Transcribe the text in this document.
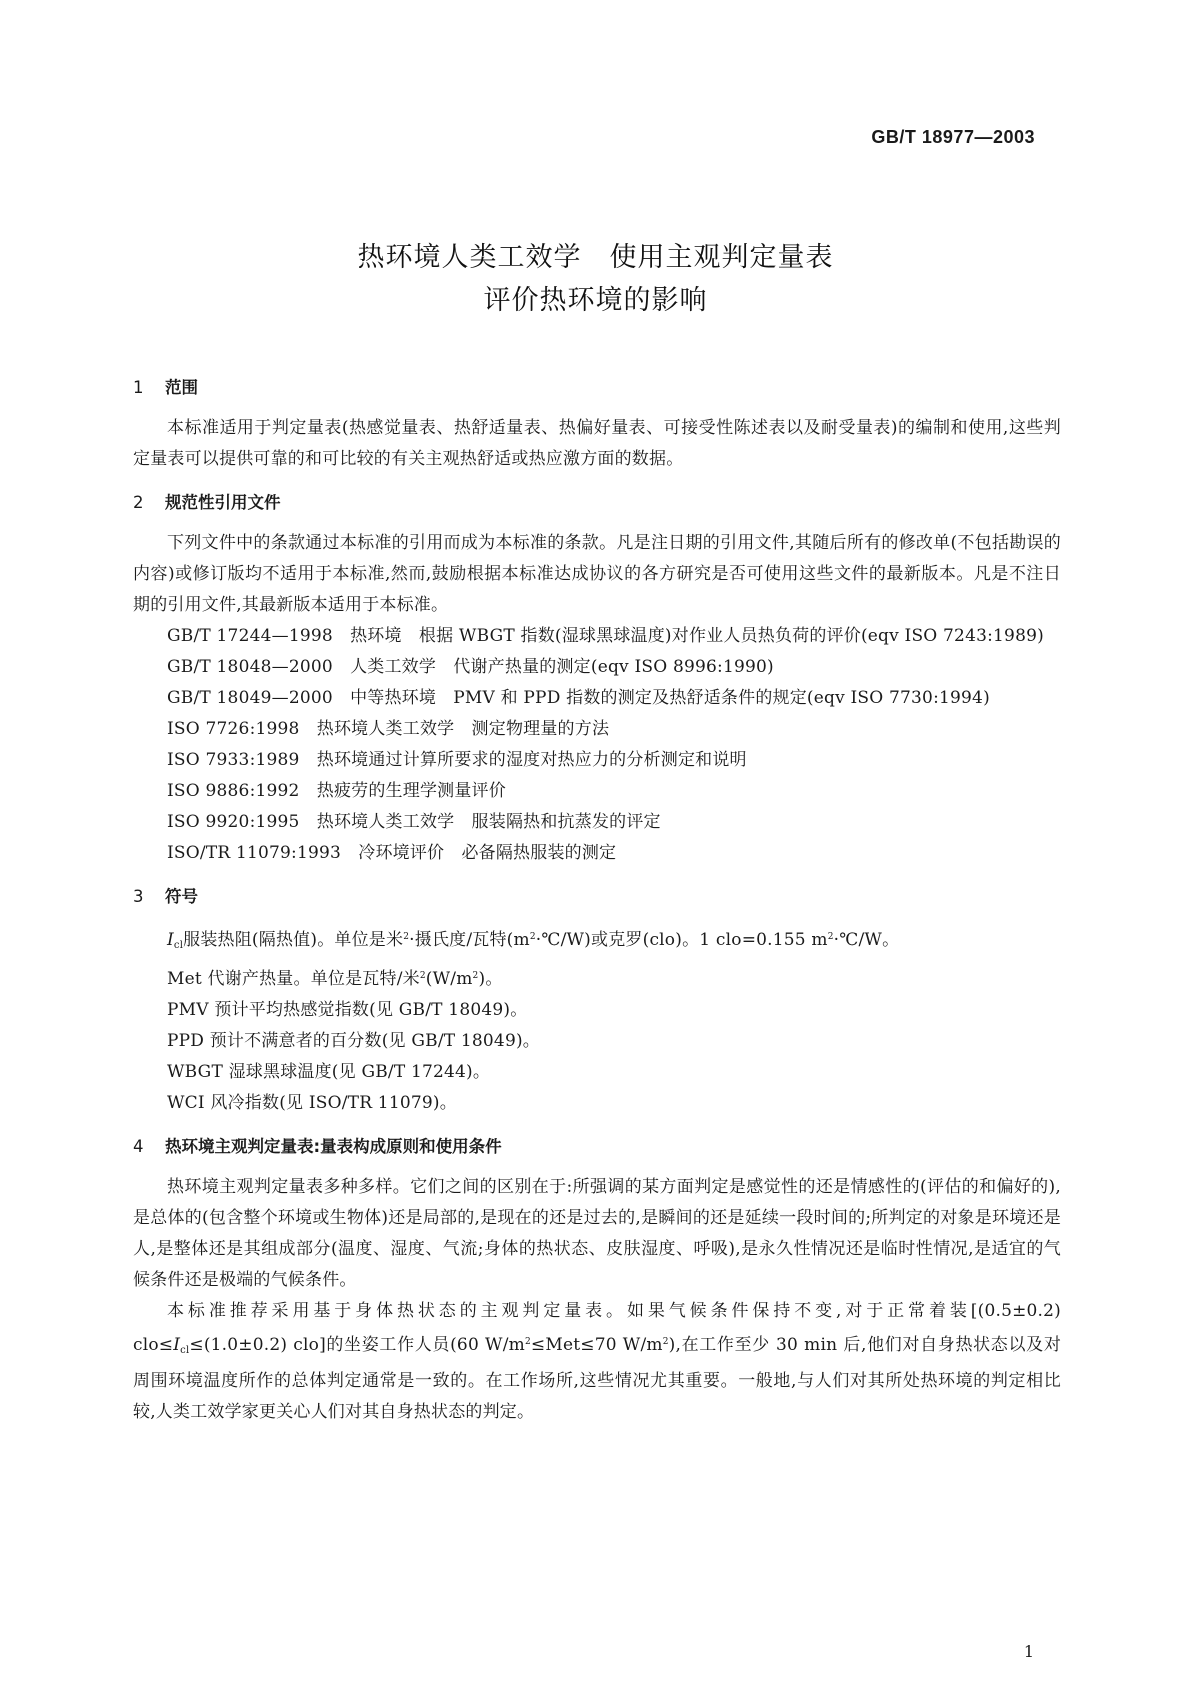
GB/T 18977—2003
热环境人类工效学　使用主观判定量表
评价热环境的影响
1 范围

本标准适用于判定量表(热感觉量表、热舒适量表、热偏好量表、可接受性陈述表以及耐受量表)的编制和使用,这些判定量表可以提供可靠的和可比较的有关主观热舒适或热应激方面的数据。

2 规范性引用文件

下列文件中的条款通过本标准的引用而成为本标准的条款。凡是注日期的引用文件,其随后所有的修改单(不包括勘误的内容)或修订版均不适用于本标准,然而,鼓励根据本标准达成协议的各方研究是否可使用这些文件的最新版本。凡是不注日期的引用文件,其最新版本适用于本标准。

GB/T 17244—1998　热环境　根据 WBGT 指数(湿球黑球温度)对作业人员热负荷的评价(eqv ISO 7243:1989)

GB/T 18048—2000　人类工效学　代谢产热量的测定(eqv ISO 8996:1990)

GB/T 18049—2000　中等热环境　PMV 和 PPD 指数的测定及热舒适条件的规定(eqv ISO 7730:1994)

ISO 7726:1998　热环境人类工效学　测定物理量的方法

ISO 7933:1989　热环境通过计算所要求的湿度对热应力的分析测定和说明

ISO 9886:1992　热疲劳的生理学测量评价

ISO 9920:1995　热环境人类工效学　服装隔热和抗蒸发的评定

ISO/TR 11079:1993　冷环境评价　必备隔热服装的测定

3 符号

$I_{cl}$服装热阻(隔热值)。单位是米$^2$·摄氏度/瓦特$(m^2\cdot℃/W)$或克罗(clo)。1 clo=0.155 $m^2\cdot℃/W$。

Met 代谢产热量。单位是瓦特/米$^2(W/m^2)$。

PMV 预计平均热感觉指数(见 GB/T 18049)。

PPD 预计不满意者的百分数(见 GB/T 18049)。

WBGT 湿球黑球温度(见 GB/T 17244)。

WCI 风冷指数(见 ISO/TR 11079)。

4 热环境主观判定量表:量表构成原则和使用条件

热环境主观判定量表多种多样。它们之间的区别在于:所强调的某方面判定是感觉性的还是情感性的(评估的和偏好的),是总体的(包含整个环境或生物体)还是局部的,是现在的还是过去的,是瞬间的还是延续一段时间的;所判定的对象是环境还是人,是整体还是其组成部分(温度、湿度、气流;身体的热状态、皮肤湿度、呼吸),是永久性情况还是临时性情况,是适宜的气候条件还是极端的气候条件。

本标准推荐采用基于身体热状态的主观判定量表。如果气候条件保持不变,对于正常着装[(0.5±0.2) $clo\le I_{cl}\le(1.0\pm 0.2)$ clo]的坐姿工作人员(60 $W/m^2\le Met\le 70$ $W/m^2$),在工作至少 30 min 后,他们对自身热状态以及对周围环境温度所作的总体判定通常是一致的。在工作场所,这些情况尤其重要。一般地,与人们对其所处热环境的判定相比较,人类工效学家更关心人们对其自身热状态的判定。

1
